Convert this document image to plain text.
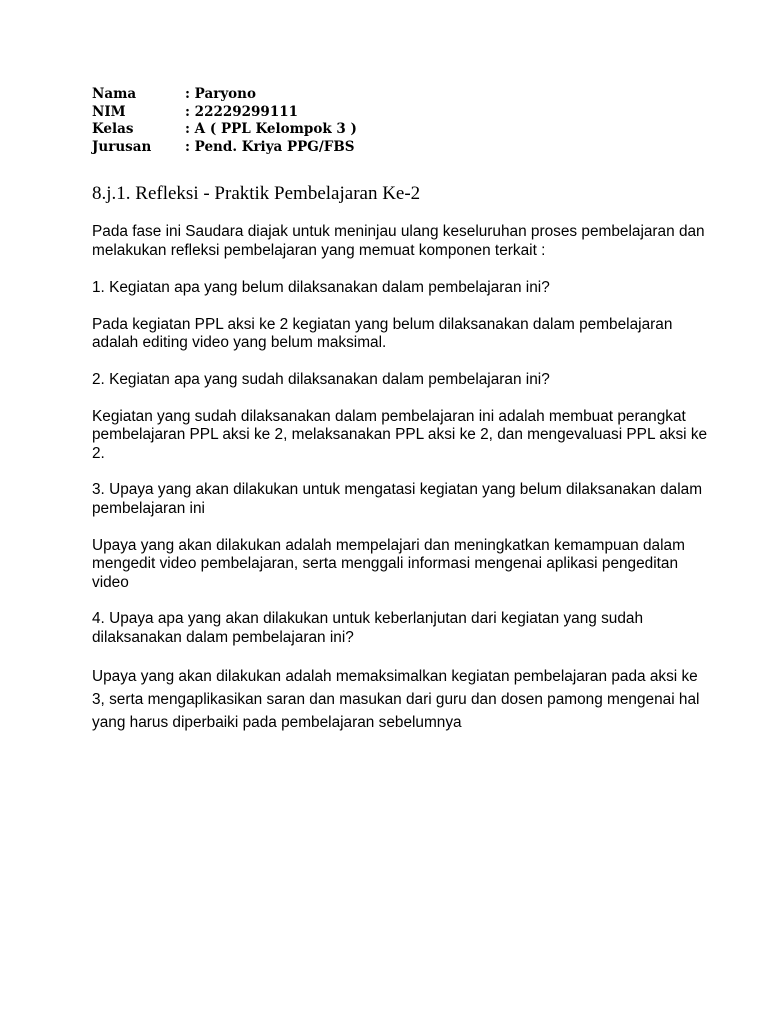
Nama	: Paryono
NIM	: 22229299111
Kelas	: A ( PPL Kelompok 3 )
Jurusan	: Pend. Kriya PPG/FBS
8.j.1. Refleksi - Praktik Pembelajaran Ke-2

Pada fase ini Saudara diajak untuk meninjau ulang keseluruhan proses pembelajaran dan melakukan refleksi pembelajaran yang memuat komponen terkait :

1. Kegiatan apa yang belum dilaksanakan dalam pembelajaran ini?

Pada kegiatan PPL aksi ke 2 kegiatan yang belum dilaksanakan dalam pembelajaran adalah editing video yang belum maksimal.

2. Kegiatan apa yang sudah dilaksanakan dalam pembelajaran ini?

Kegiatan yang sudah dilaksanakan dalam pembelajaran ini adalah membuat perangkat pembelajaran PPL aksi ke 2, melaksanakan PPL aksi ke 2, dan mengevaluasi PPL aksi ke 2.

3. Upaya yang akan dilakukan untuk mengatasi kegiatan yang belum dilaksanakan dalam pembelajaran ini

Upaya yang akan dilakukan adalah mempelajari dan meningkatkan kemampuan dalam mengedit video pembelajaran, serta menggali informasi mengenai aplikasi pengeditan video

4. Upaya apa yang akan dilakukan untuk keberlanjutan dari kegiatan yang sudah dilaksanakan dalam pembelajaran ini?

Upaya yang akan dilakukan adalah memaksimalkan kegiatan pembelajaran pada aksi ke 3, serta mengaplikasikan saran dan masukan dari guru dan dosen pamong mengenai hal yang harus diperbaiki pada pembelajaran sebelumnya
